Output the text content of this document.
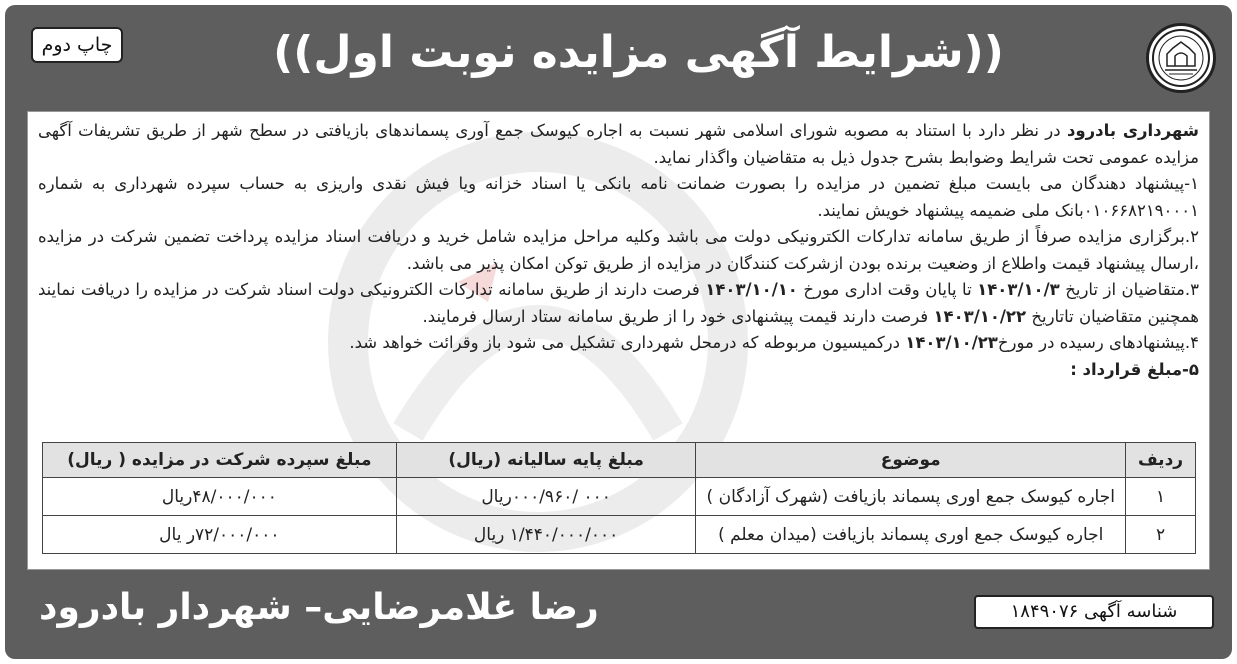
((شرایط آگهی مزایده نوبت اول))
چاپ دوم

شهرداری بادرود در نظر دارد با استناد به مصوبه شورای اسلامی شهر نسبت به اجاره کیوسک جمع آوری پسماندهای بازیافتی در سطح شهر از طریق تشریفات آگهی مزایده عمومی تحت شرایط وضوابط بشرح جدول ذیل به متقاضیان واگذار نماید.

۱-پیشنهاد دهندگان می بایست مبلغ تضمین در مزایده را بصورت ضمانت نامه بانکی یا اسناد خزانه ویا فیش نقدی واریزی به حساب سپرده شهرداری به شماره ۰۱۰۶۶۸۲۱۹۰۰۰۱بانک ملی ضمیمه پیشنهاد خویش نمایند.

۲.برگزاری مزایده صرفاً از طریق سامانه تدارکات الکترونیکی دولت می باشد وکلیه مراحل مزایده شامل خرید و دریافت اسناد مزایده پرداخت تضمین شرکت در مزایده ،ارسال پیشنهاد قیمت واطلاع از وضعیت برنده بودن ازشرکت کنندگان در مزایده از طریق توکن امکان پذیر می باشد.

۳.متقاضیان از تاریخ ۱۴۰۳/۱۰/۳ تا پایان وقت اداری مورخ ۱۴۰۳/۱۰/۱۰ فرصت دارند از طریق سامانه تدارکات الکترونیکی دولت اسناد شرکت در مزایده را دریافت نمایند همچنین متقاضیان تاتاریخ ۱۴۰۳/۱۰/۲۲ فرصت دارند قیمت پیشنهادی خود را از طریق سامانه ستاد ارسال فرمایند.

۴.پیشنهادهای رسیده در مورخ۱۴۰۳/۱۰/۲۳ درکمیسیون مربوطه که درمحل شهرداری تشکیل می شود باز وقرائت خواهد شد.

۵-مبلغ قرارداد :

ردیف	موضوع	مبلغ پایه سالیانه (ریال)	مبلغ سپرده شرکت در مزایده ( ریال)
۱	اجاره کیوسک جمع اوری پسماند بازیافت (شهرک آزادگان )	۰۰۰ /۰۰۰/۹۶۰ریال	۴۸/۰۰۰/۰۰۰ریال
۲	اجاره کیوسک جمع اوری پسماند بازیافت (میدان معلم )	۱/۴۴۰/۰۰۰/۰۰۰ ریال	۷۲/۰۰۰/۰۰۰ر یال
رضا غلامرضایی– شهردار بادرود	شناسه آگهی ۱۸۴۹۰۷۶
